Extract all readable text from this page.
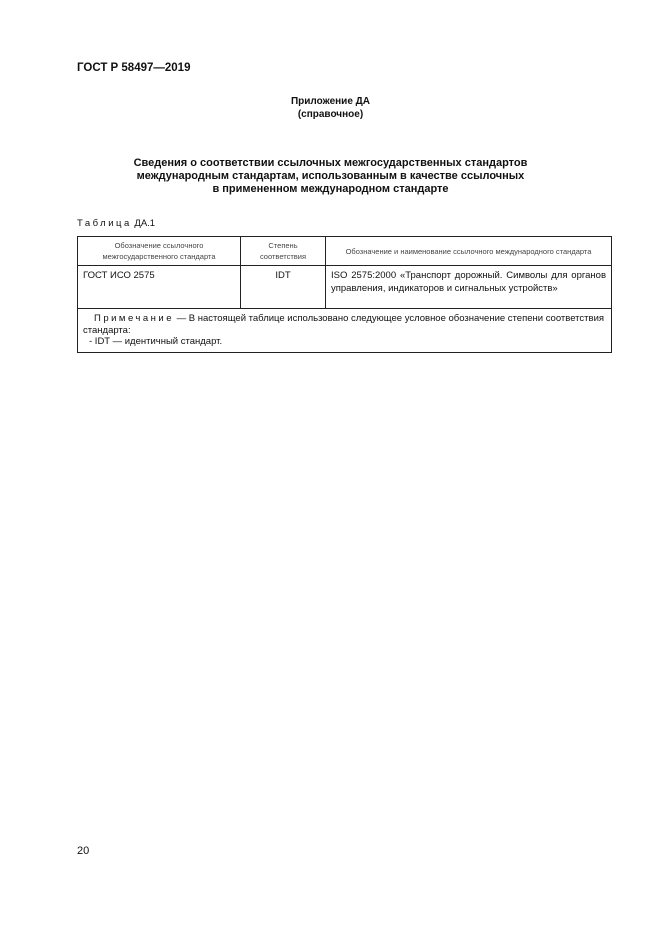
ГОСТ Р 58497—2019
Приложение ДА
(справочное)
Сведения о соответствии ссылочных межгосударственных стандартов
международным стандартам, использованным в качестве ссылочных
в примененном международном стандарте
Таблица ДА.1
Обозначение ссылочного межгосударственного стандарта	Степень соответствия	Обозначение и наименование ссылочного международного стандарта
ГОСТ ИСО 2575	IDT	ISO 2575:2000 «Транспорт дорожный. Символы для органов управления, индикаторов и сигнальных устройств»

Примечание — В настоящей таблице использовано следующее условное обозначение степени соответствия стандарта:
- IDT — идентичный стандарт.		
20
